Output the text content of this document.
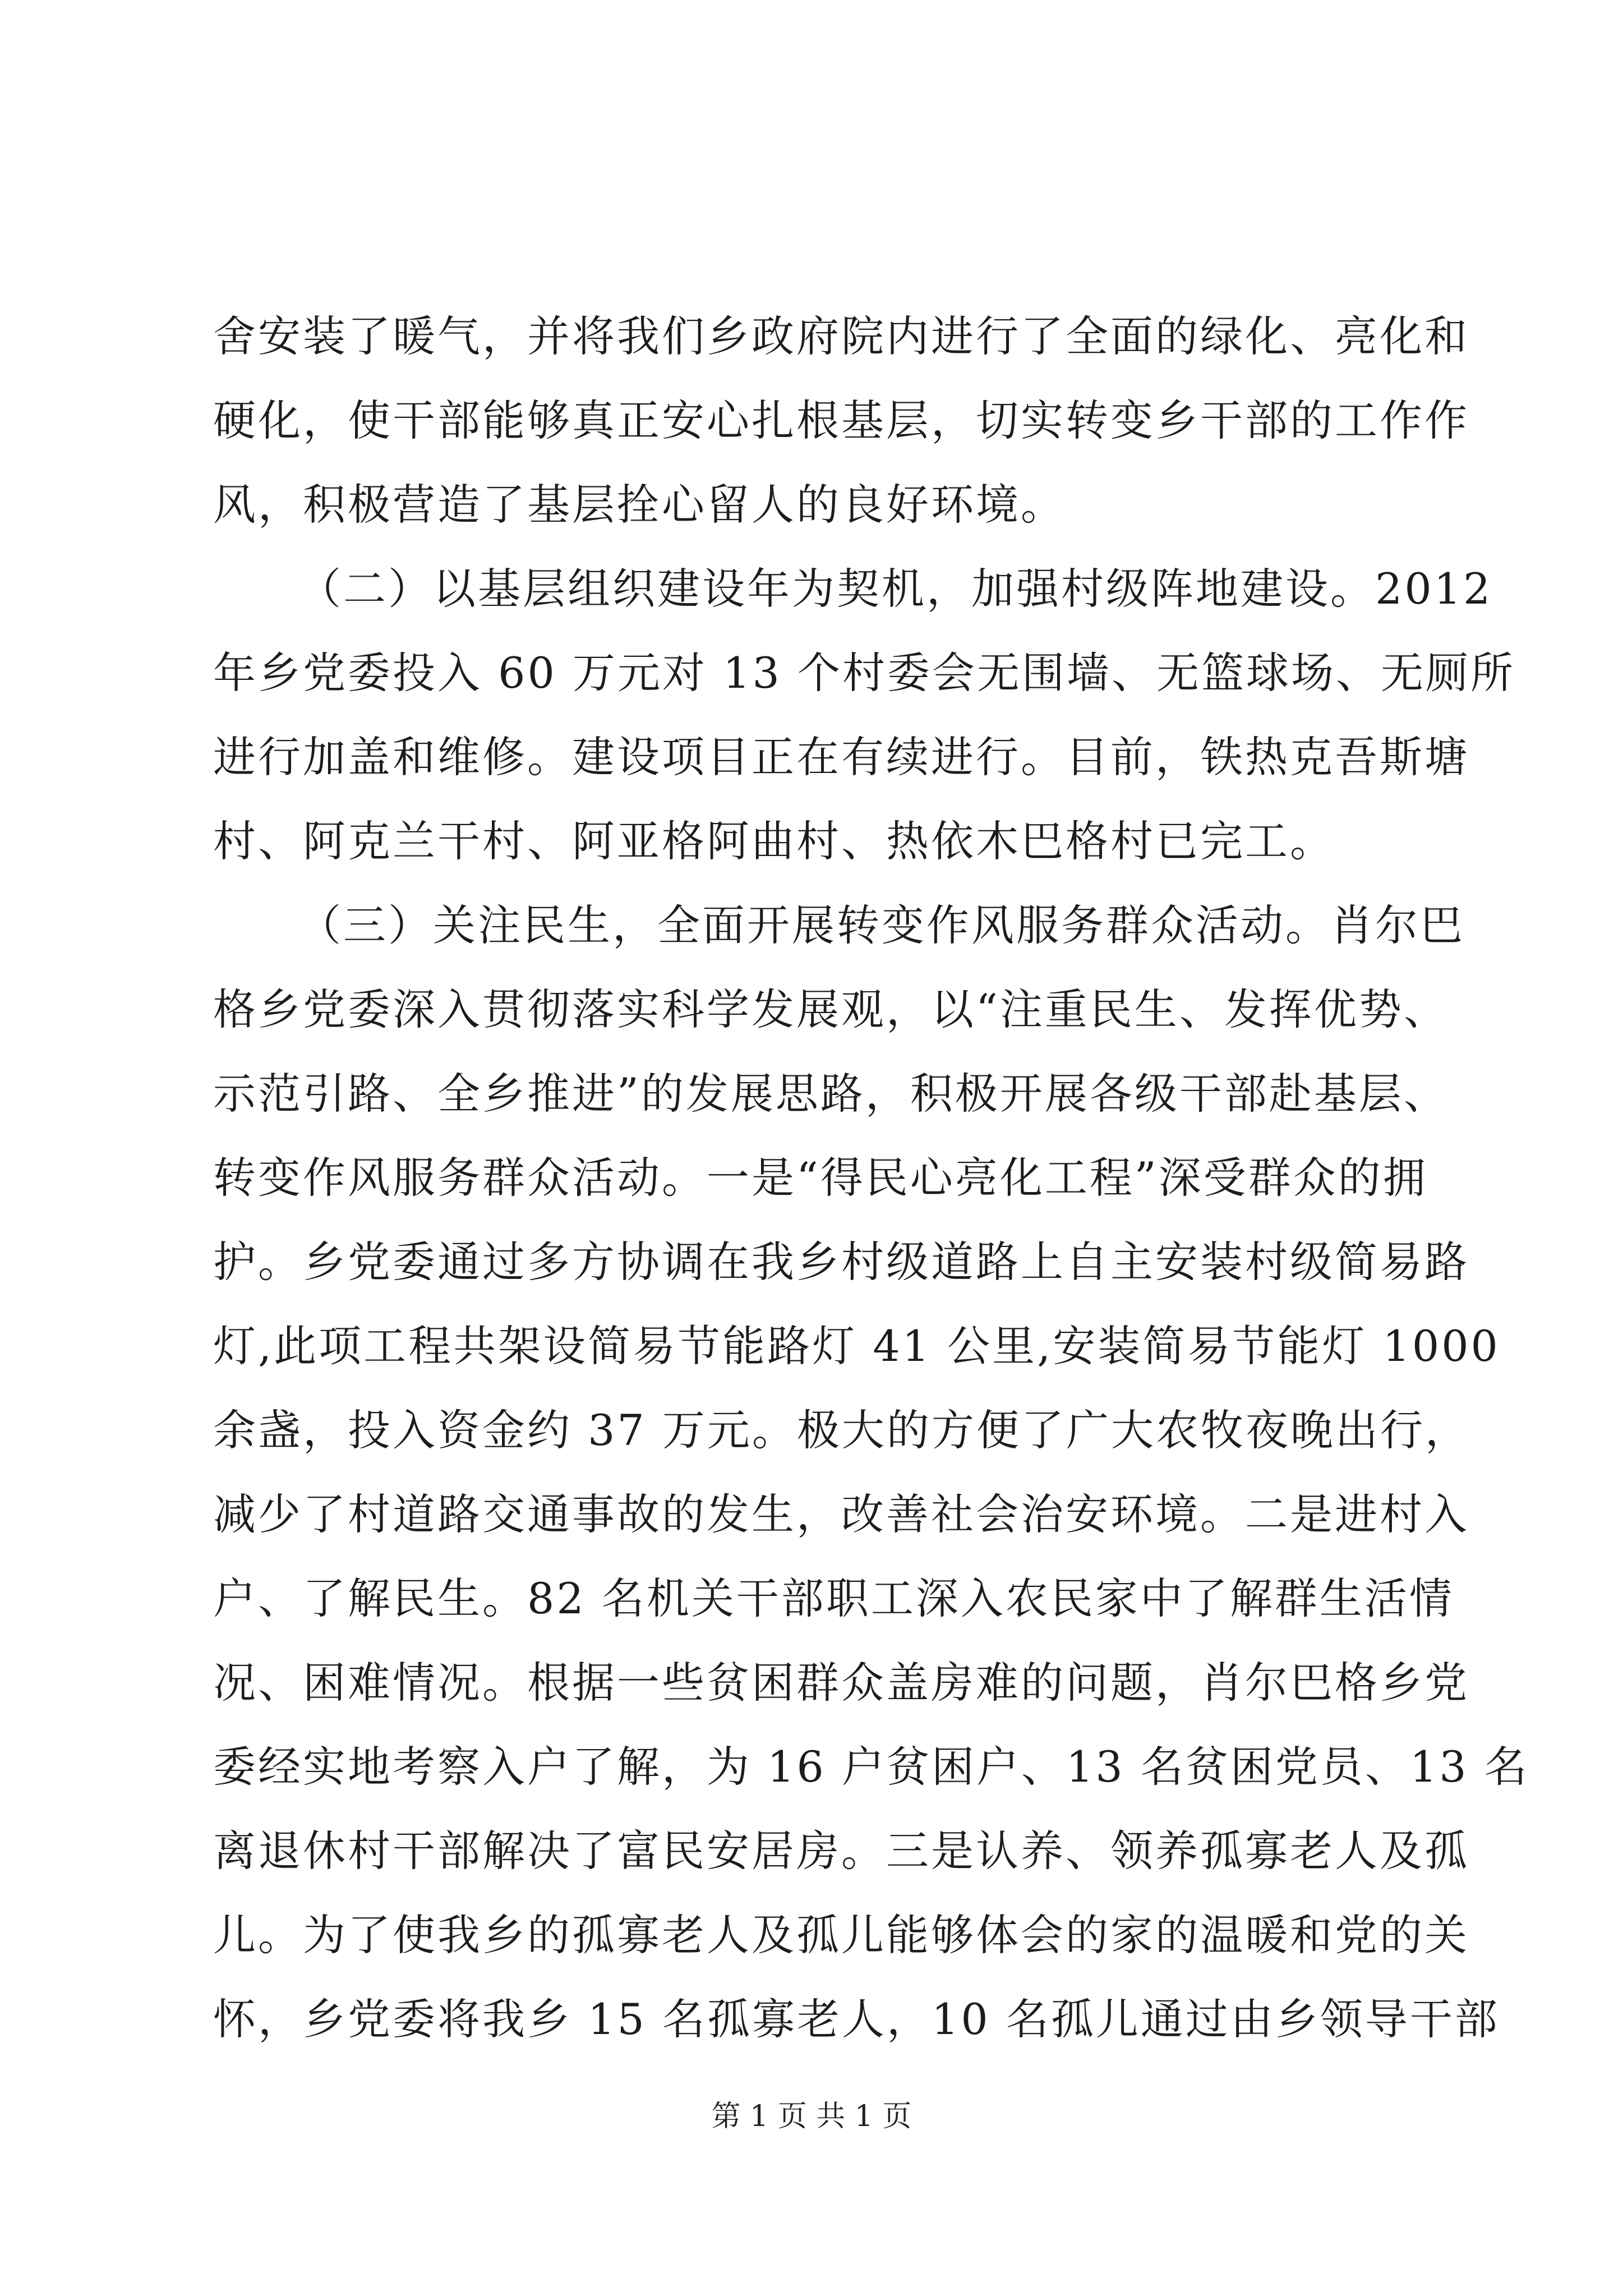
舍安装了暖气，并将我们乡政府院内进行了全面的绿化、亮化和
硬化，使干部能够真正安心扎根基层，切实转变乡干部的工作作
风，积极营造了基层拴心留人的良好环境。
（二）以基层组织建设年为契机，加强村级阵地建设。2012
年乡党委投入 60 万元对 13 个村委会无围墙、无篮球场、无厕所
进行加盖和维修。建设项目正在有续进行。目前，铁热克吾斯塘
村、阿克兰干村、阿亚格阿曲村、热依木巴格村已完工。
（三）关注民生，全面开展转变作风服务群众活动。肖尔巴
格乡党委深入贯彻落实科学发展观，以“注重民生、发挥优势、
示范引路、全乡推进”的发展思路，积极开展各级干部赴基层、
转变作风服务群众活动。一是“得民心亮化工程”深受群众的拥
护。乡党委通过多方协调在我乡村级道路上自主安装村级简易路
灯,此项工程共架设简易节能路灯 41 公里,安装简易节能灯 1000
余盏，投入资金约 37 万元。极大的方便了广大农牧夜晚出行，
减少了村道路交通事故的发生，改善社会治安环境。二是进村入
户、了解民生。82 名机关干部职工深入农民家中了解群生活情
况、困难情况。根据一些贫困群众盖房难的问题，肖尔巴格乡党
委经实地考察入户了解，为 16 户贫困户、13 名贫困党员、13 名
离退休村干部解决了富民安居房。三是认养、领养孤寡老人及孤
儿。为了使我乡的孤寡老人及孤儿能够体会的家的温暖和党的关
怀，乡党委将我乡 15 名孤寡老人，10 名孤儿通过由乡领导干部
第 1 页 共 1 页
